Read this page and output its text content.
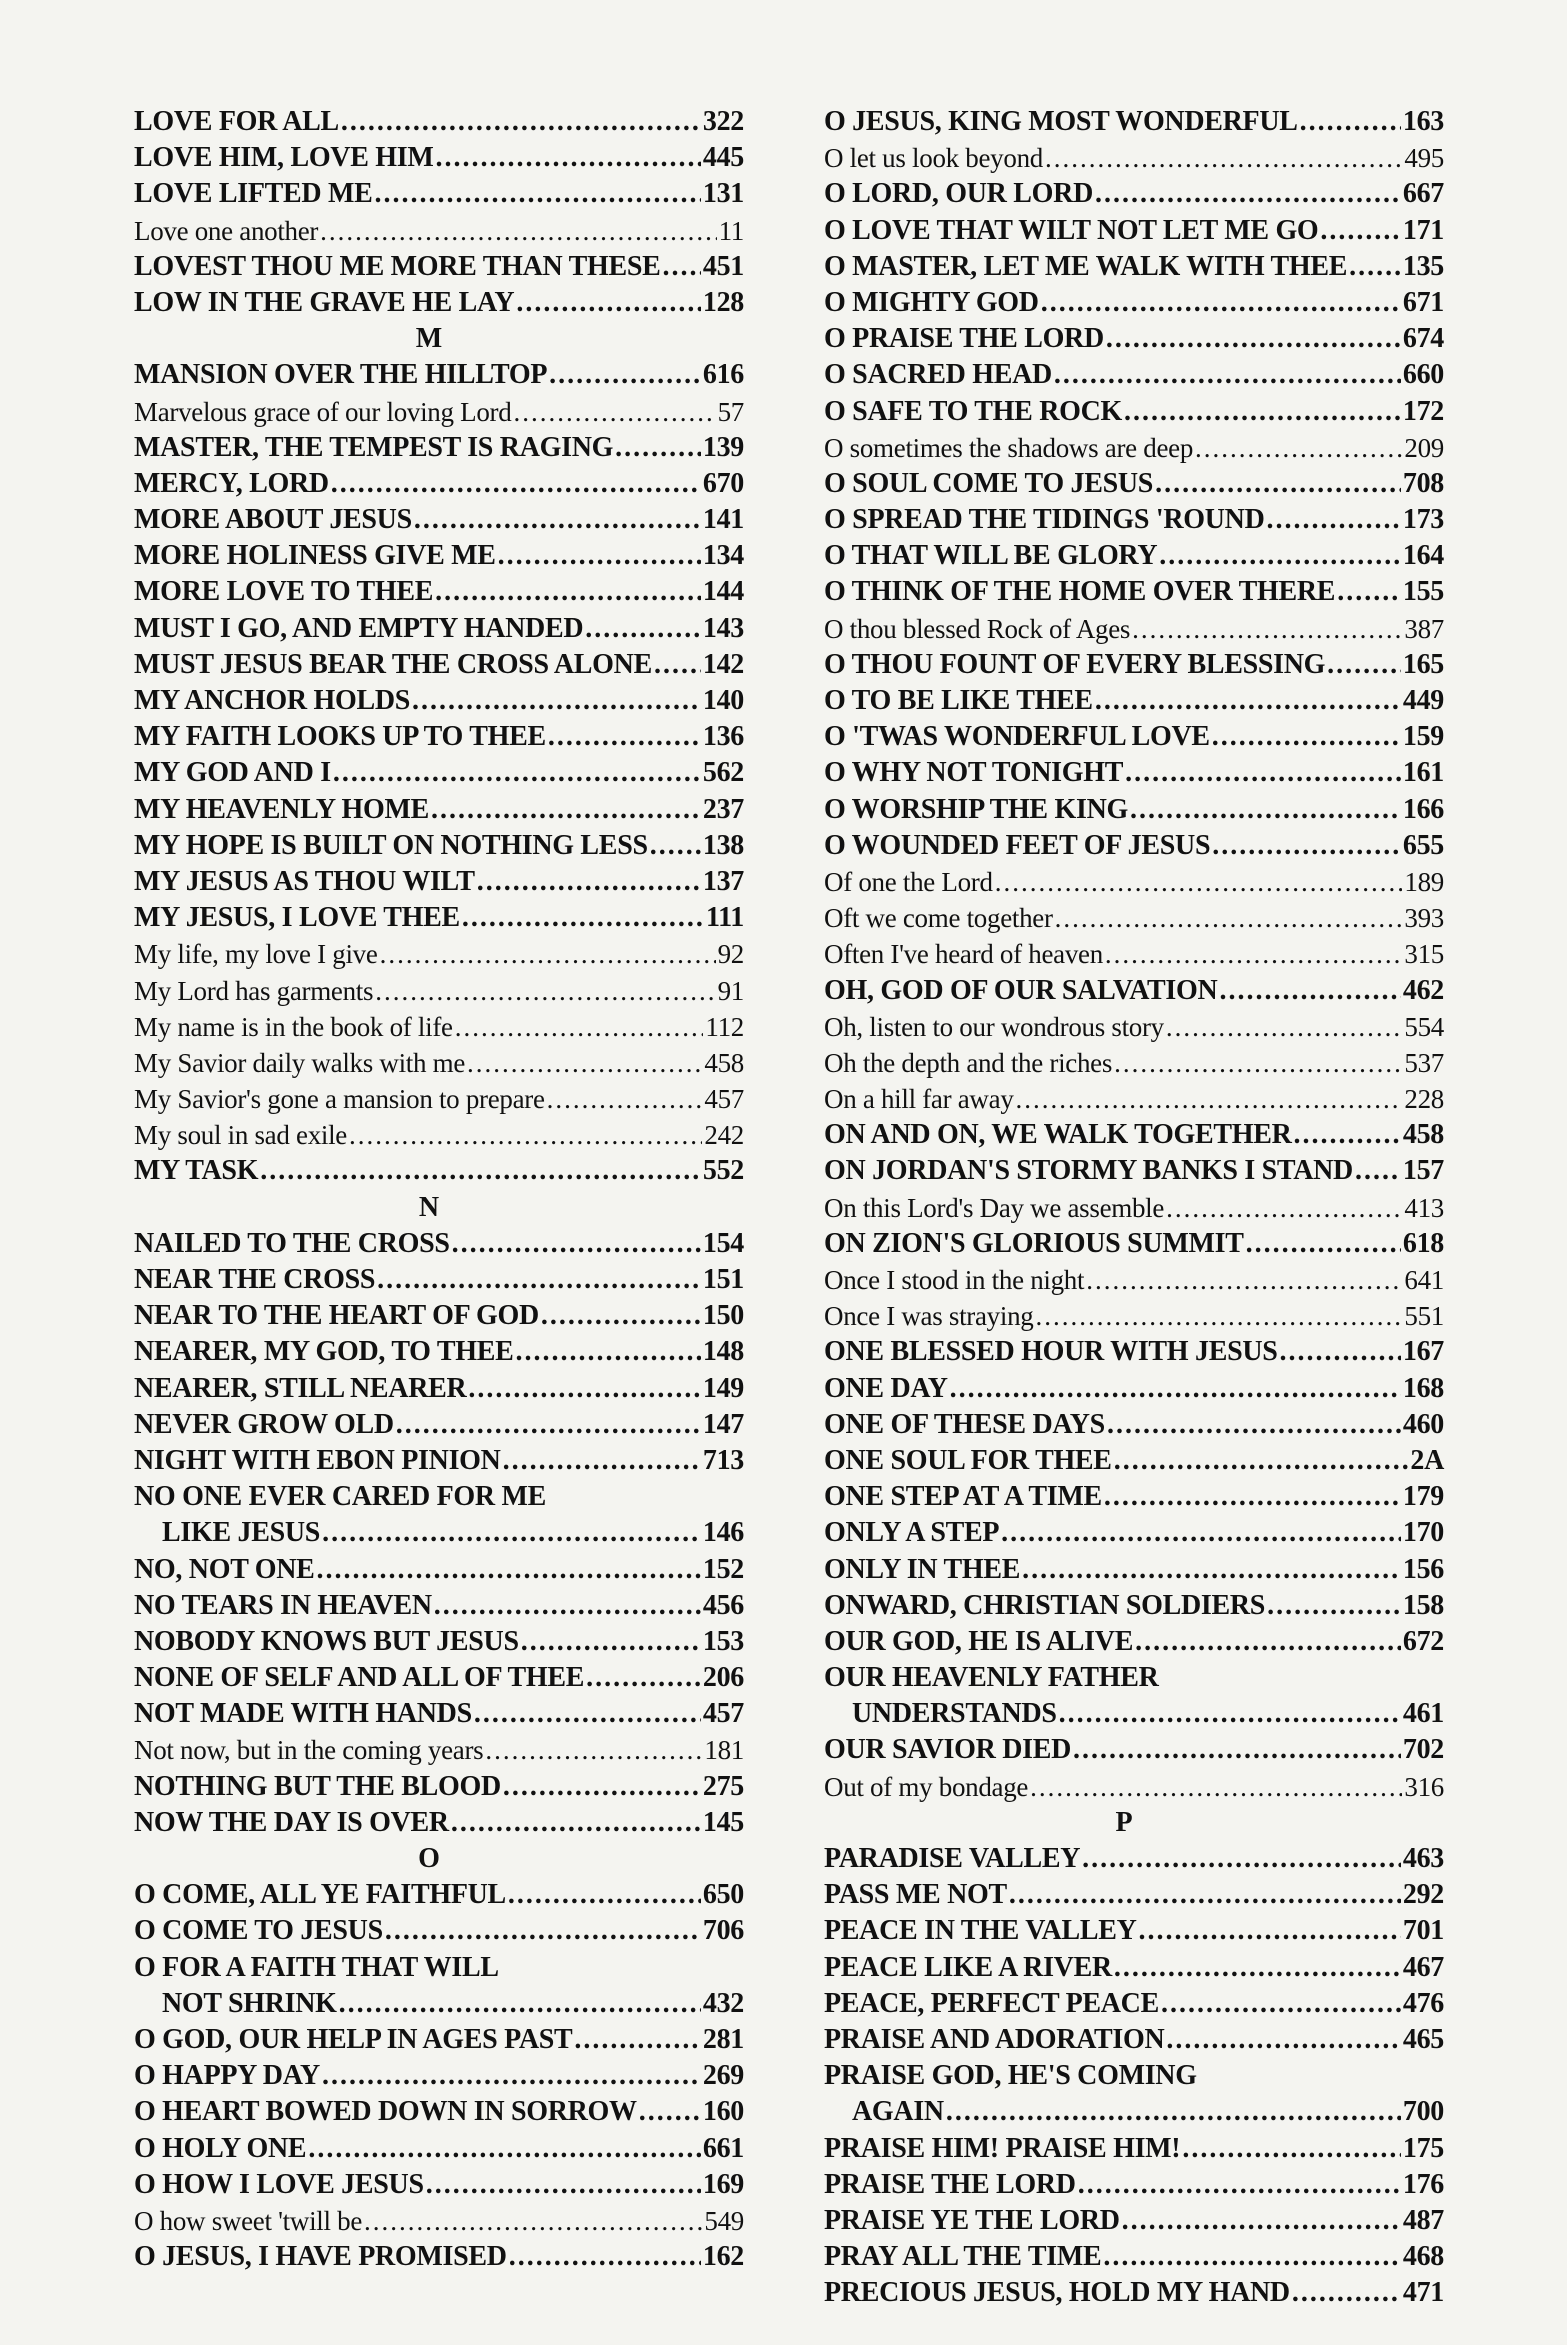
LOVE FOR ALL .....	322
LOVE HIM, LOVE HIM .....	445
LOVE LIFTED ME .....	131
Love one another .....	11
LOVEST THOU ME MORE THAN THESE ..... 451
LOW IN THE GRAVE HE LAY .....	128
M
MANSION OVER THE HILLTOP .....	616
Marvelous grace of our loving Lord .....	57
MASTER, THE TEMPEST IS RAGING .....	139
MERCY, LORD .....	670
MORE ABOUT JESUS .....	141
MORE HOLINESS GIVE ME .....	134
MORE LOVE TO THEE .....	144
MUST I GO, AND EMPTY HANDED .....	143
MUST JESUS BEAR THE CROSS ALONE ..... 142
MY ANCHOR HOLDS .....	140
MY FAITH LOOKS UP TO THEE .....	136
MY GOD AND I .....	562
MY HEAVENLY HOME .....	237
MY HOPE IS BUILT ON NOTHING LESS ..... 138
MY JESUS AS THOU WILT .....	137
MY JESUS, I LOVE THEE .....	111
My life, my love I give .....	92
My Lord has garments .....	91
My name is in the book of life .....	112
My Savior daily walks with me .....	458
My Savior's gone a mansion to prepare .....	457
My soul in sad exile .....	242
MY TASK .....	552
N
NAILED TO THE CROSS .....	154
NEAR THE CROSS .....	151
NEAR TO THE HEART OF GOD .....	150
NEARER, MY GOD, TO THEE .....	148
NEARER, STILL NEARER .....	149
NEVER GROW OLD .....	147
NIGHT WITH EBON PINION .....	713
NO ONE EVER CARED FOR ME
LIKE JESUS .....	146
NO, NOT ONE .....	152
NO TEARS IN HEAVEN .....	456
NOBODY KNOWS BUT JESUS .....	153
NONE OF SELF AND ALL OF THEE .....	206
NOT MADE WITH HANDS .....	457
Not now, but in the coming years .....	181
NOTHING BUT THE BLOOD .....	275
NOW THE DAY IS OVER .....	145
O
O COME, ALL YE FAITHFUL .....	650
O COME TO JESUS .....	706
O FOR A FAITH THAT WILL
NOT SHRINK .....	432
O GOD, OUR HELP IN AGES PAST .....	281
O HAPPY DAY .....	269
O HEART BOWED DOWN IN SORROW ..... 160
O HOLY ONE .....	661
O HOW I LOVE JESUS .....	169
O how sweet 'twill be .....	549
O JESUS, I HAVE PROMISED .....	162
O JESUS, KING MOST WONDERFUL .....	163
O let us look beyond .....	495
O LORD, OUR LORD .....	667
O LOVE THAT WILT NOT LET ME GO .....	171
O MASTER, LET ME WALK WITH THEE ..... 135
O MIGHTY GOD .....	671
O PRAISE THE LORD .....	674
O SACRED HEAD .....	660
O SAFE TO THE ROCK .....	172
O sometimes the shadows are deep .....	209
O SOUL COME TO JESUS .....	708
O SPREAD THE TIDINGS 'ROUND .....	173
O THAT WILL BE GLORY .....	164
O THINK OF THE HOME OVER THERE ..... 155
O thou blessed Rock of Ages .....	387
O THOU FOUNT OF EVERY BLESSING .....	165
O TO BE LIKE THEE .....	449
O 'TWAS WONDERFUL LOVE .....	159
O WHY NOT TONIGHT .....	161
O WORSHIP THE KING .....	166
O WOUNDED FEET OF JESUS .....	655
Of one the Lord .....	189
Oft we come together .....	393
Often I've heard of heaven .....	315
OH, GOD OF OUR SALVATION .....	462
Oh, listen to our wondrous story .....	554
Oh the depth and the riches .....	537
On a hill far away .....	228
ON AND ON, WE WALK TOGETHER .....	458
ON JORDAN'S STORMY BANKS I STAND ..... 157
On this Lord's Day we assemble .....	413
ON ZION'S GLORIOUS SUMMIT .....	618
Once I stood in the night .....	641
Once I was straying .....	551
ONE BLESSED HOUR WITH JESUS .....	167
ONE DAY .....	168
ONE OF THESE DAYS .....	460
ONE SOUL FOR THEE .....	2A
ONE STEP AT A TIME .....	179
ONLY A STEP .....	170
ONLY IN THEE .....	156
ONWARD, CHRISTIAN SOLDIERS .....	158
OUR GOD, HE IS ALIVE .....	672
OUR HEAVENLY FATHER
UNDERSTANDS .....	461
OUR SAVIOR DIED .....	702
Out of my bondage .....	316
P
PARADISE VALLEY .....	463
PASS ME NOT .....	292
PEACE IN THE VALLEY .....	701
PEACE LIKE A RIVER .....	467
PEACE, PERFECT PEACE .....	476
PRAISE AND ADORATION .....	465
PRAISE GOD, HE'S COMING
AGAIN .....	700
PRAISE HIM! PRAISE HIM! .....	175
PRAISE THE LORD .....	176
PRAISE YE THE LORD .....	487
PRAY ALL THE TIME .....	468
PRECIOUS JESUS, HOLD MY HAND .....	471
